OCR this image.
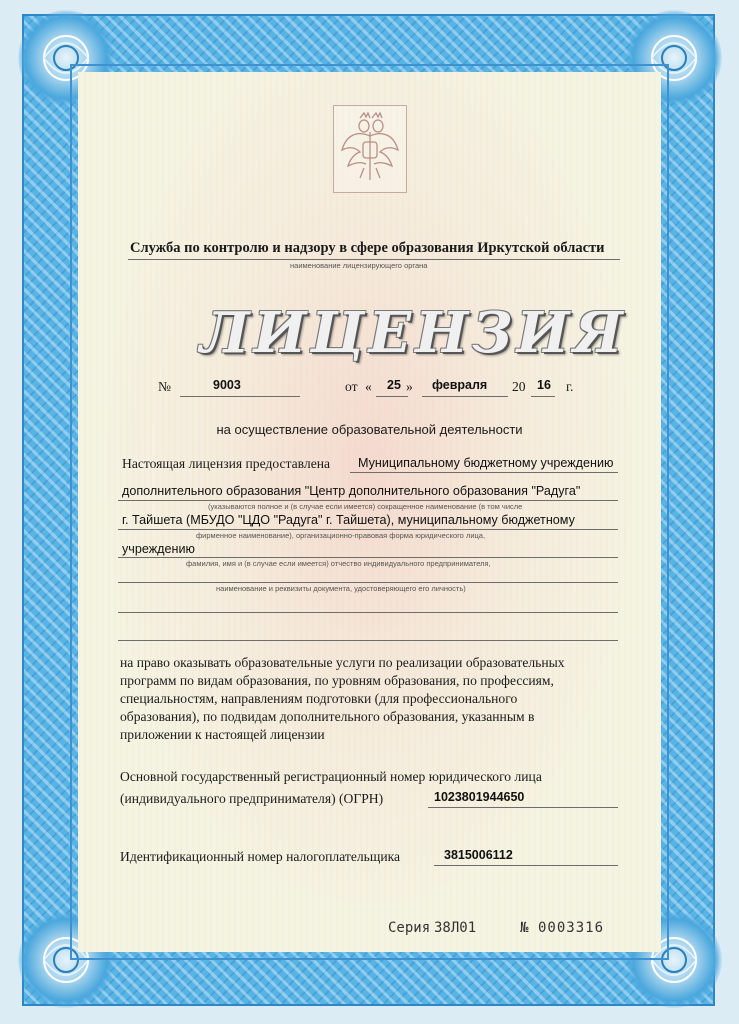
Служба по контролю и надзору в сфере образования Иркутской области
наименование лицензирующего органа
ЛИЦЕНЗИЯ
№	9003	от « 25 » февраля 20 16 г.
на осуществление образовательной деятельности
Настоящая лицензия предоставлена Муниципальному бюджетному учреждению
дополнительного образования "Центр дополнительного образования "Радуга"
(указываются полное и (в случае если имеется) сокращенное наименование (в том числе
г. Тайшета (МБУДО "ЦДО "Радуга" г. Тайшета), муниципальному бюджетному
фирменное наименование), организационно-правовая форма юридического лица,
учреждению
фамилия, имя и (в случае если имеется) отчество индивидуального предпринимателя,
наименование и реквизиты документа, удостоверяющего его личность)
на право оказывать образовательные услуги по реализации образовательных
программ по видам образования, по уровням образования, по профессиям,
специальностям, направлениям подготовки (для профессионального
образования), по подвидам дополнительного образования, указанным в
приложении к настоящей лицензии
Основной государственный регистрационный номер юридического лица
(индивидуального предпринимателя) (ОГРН)	1023801944650
Идентификационный номер налогоплательщика	3815006112
Серия 38Л01	№ 0003316
